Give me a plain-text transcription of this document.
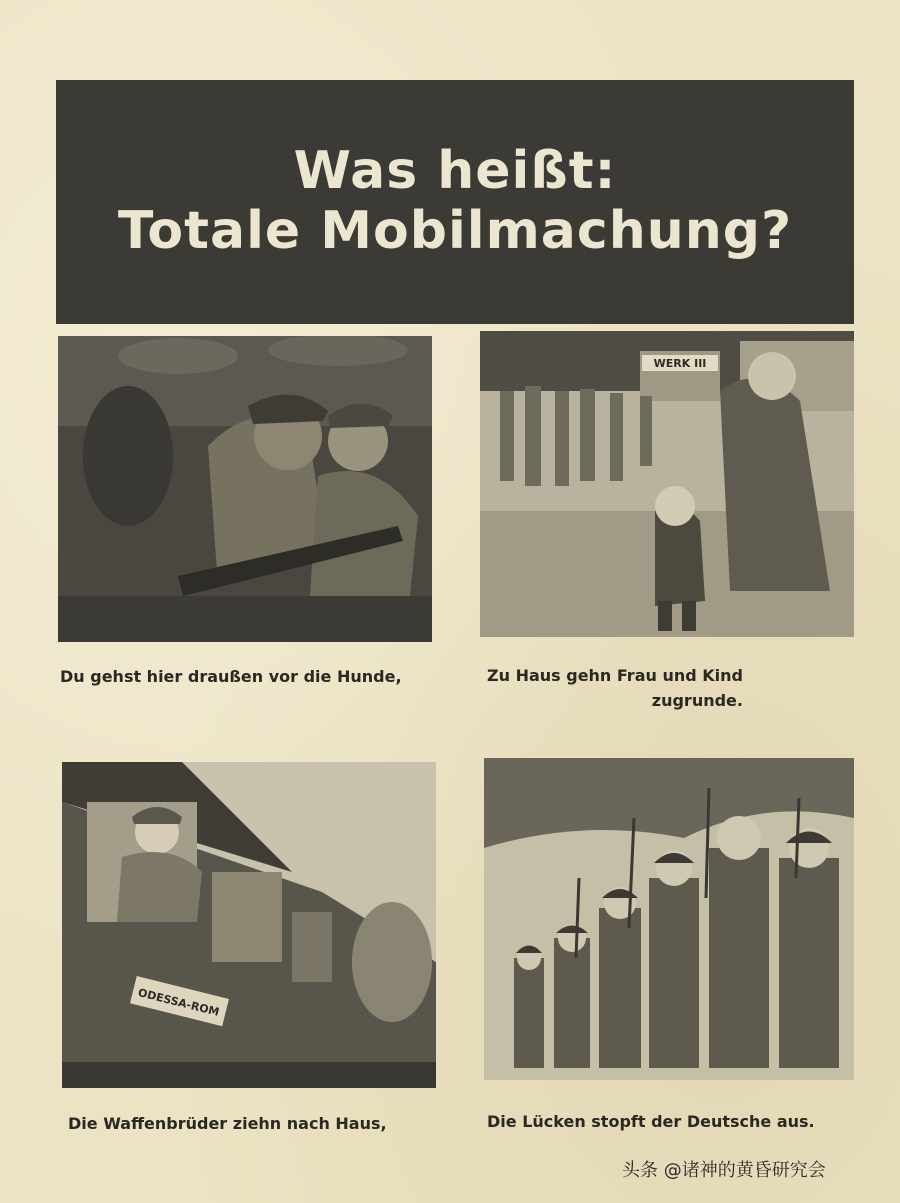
Was heißt:
Totale Mobilmachung?
Du gehst hier draußen vor die Hunde,
WERK III
Zu Haus gehn Frau und Kind
zugrunde.
ODESSA-ROM
Die Waffenbrüder ziehn nach Haus,	Die Lücken stopft der Deutsche aus.
头条 @诸神的黄昏研究会
